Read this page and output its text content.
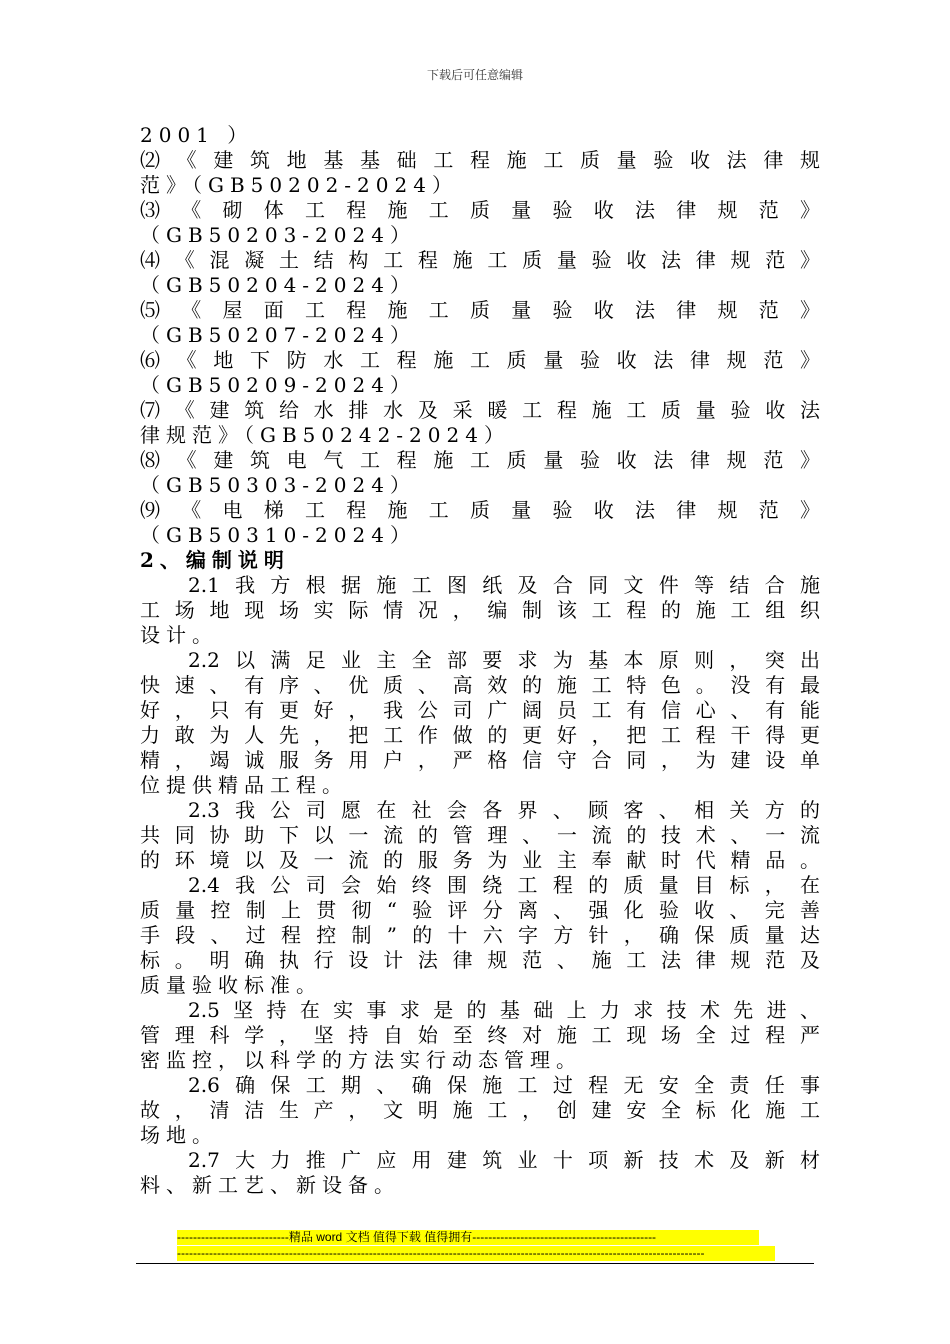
下载后可任意编辑
2001 ）
⑵《建筑地基基础工程施工质量验收法律规
范》（GB50202-2024）
⑶《砌体工程施工质量验收法律规范》
（GB50203-2024）
⑷《混凝土结构工程施工质量验收法律规范》
（GB50204-2024）
⑸《屋面工程施工质量验收法律规范》
（GB50207-2024）
⑹《地下防水工程施工质量验收法律规范》
（GB50209-2024）
⑺《建筑给水排水及采暖工程施工质量验收法
律规范》（GB50242-2024）
⑻《建筑电气工程施工质量验收法律规范》
（GB50303-2024）
⑼《电梯工程施工质量验收法律规范》
（GB50310-2024）
2、编制说明
2.1我方根据施工图纸及合同文件等结合施
工场地现场实际情况，编制该工程的施工组织
设计。
2.2以满足业主全部要求为基本原则，突出
快速、有序、优质、高效的施工特色。没有最
好，只有更好，我公司广阔员工有信心、有能
力敢为人先，把工作做的更好，把工程干得更
精，竭诚服务用户，严格信守合同，为建设单
位提供精品工程。
2.3我公司愿在社会各界、顾客、相关方的
共同协助下以一流的管理、一流的技术、一流
的环境以及一流的服务为业主奉献时代精品。
2.4我公司会始终围绕工程的质量目标，在
质量控制上贯彻“验评分离、强化验收、完善
手段、过程控制”的十六字方针，确保质量达
标。明确执行设计法律规范、施工法律规范及
质量验收标准。
2.5坚持在实事求是的基础上力求技术先进、
管理科学，坚持自始至终对施工现场全过程严
密监控，以科学的方法实行动态管理。
2.6确保工期、确保施工过程无安全责任事
故，清洁生产，文明施工，创建安全标化施工
场地。
2.7大力推广应用建筑业十项新技术及新材
料、新工艺、新设备。
----------------------------精品 word 文档 值得下载 值得拥有----------------------------------------------
------------------------------------------------------------------------------------------------------------------------------------
